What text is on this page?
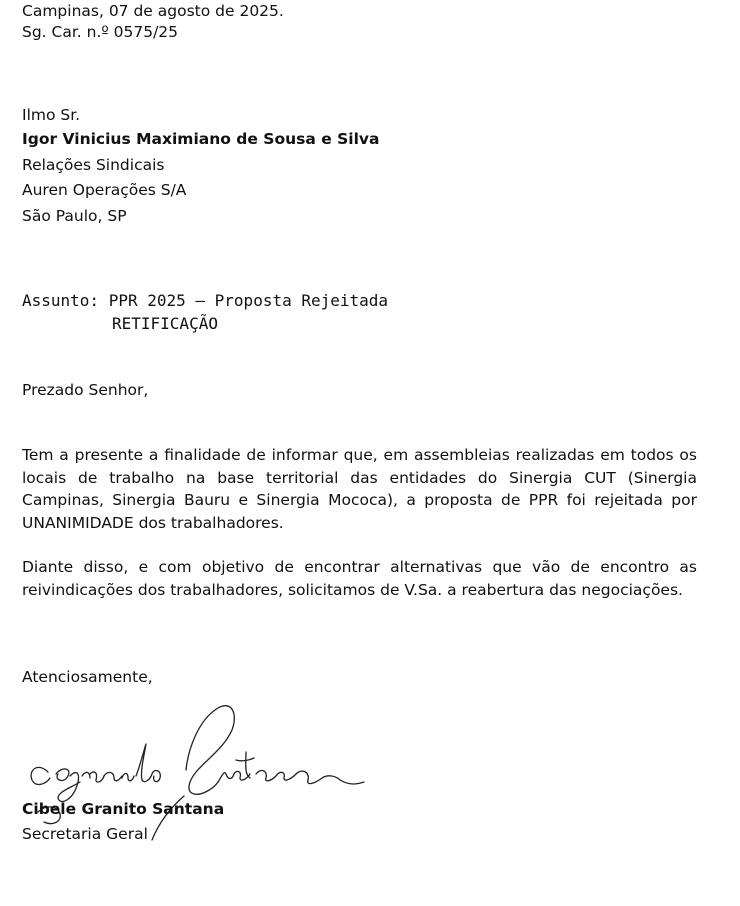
Campinas, 07 de agosto de 2025.
Sg. Car. n.º 0575/25
Ilmo Sr.
Igor Vinicius Maximiano de Sousa e Silva
Relações Sindicais
Auren Operações S/A
São Paulo, SP
Assunto: PPR 2025 – Proposta Rejeitada
RETIFICAÇÃO
Prezado Senhor,
Tem a presente a finalidade de informar que, em assembleias realizadas em todos os locais de trabalho na base territorial das entidades do Sinergia CUT (Sinergia Campinas, Sinergia Bauru e Sinergia Mococa), a proposta de PPR foi rejeitada por UNANIMIDADE dos trabalhadores.
Diante disso, e com objetivo de encontrar alternativas que vão de encontro as reivindicações dos trabalhadores, solicitamos de V.Sa. a reabertura das negociações.
Atenciosamente,
Cibele Granito Santana
Secretaria Geral
